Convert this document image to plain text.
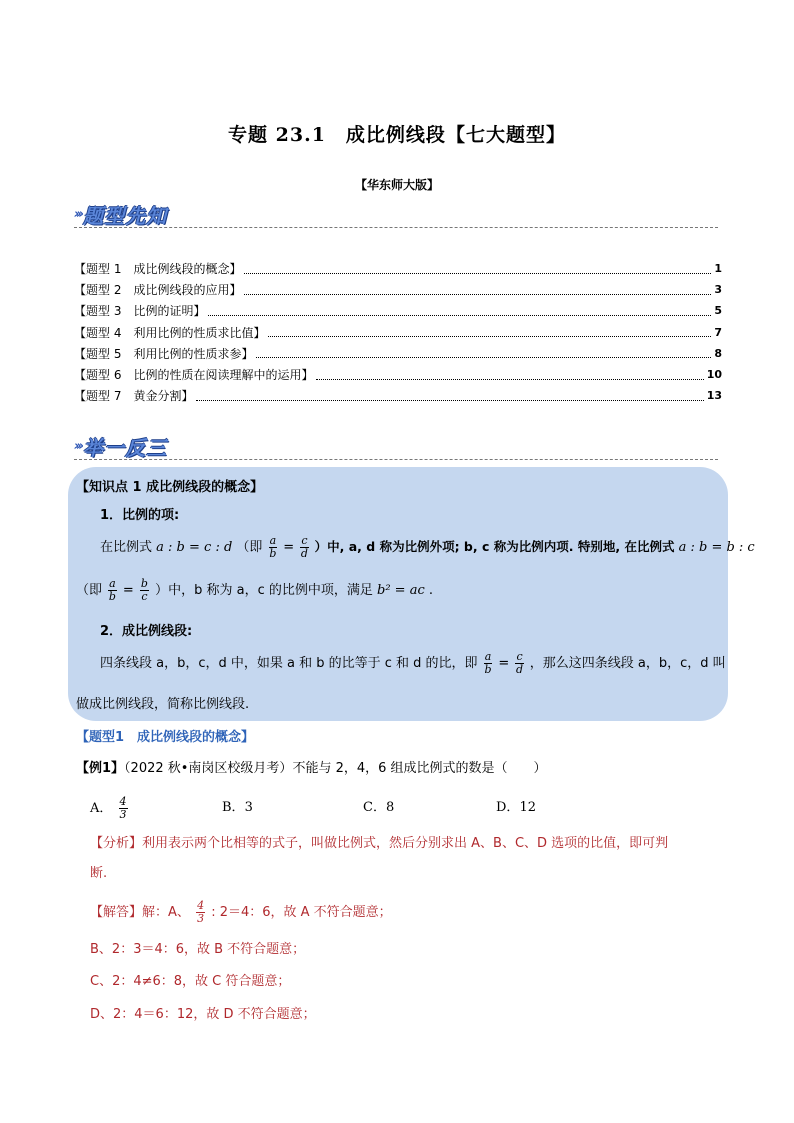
专题 23.1　成比例线段【七大题型】
【华东师大版】
››› 题型先知
【题型 1　成比例线段的概念】	1
【题型 2　成比例线段的应用】	3
【题型 3　比例的证明】	5
【题型 4　利用比例的性质求比值】	7
【题型 5　利用比例的性质求参】	8
【题型 6　比例的性质在阅读理解中的运用】	10
【题型 7　黄金分割】	13
››› 举一反三
【知识点 1 成比例线段的概念】
1．比例的项:
在比例式 a : b = c : d （即 $\frac{a}{b} = \frac{c}{d}$ ）中, a, d 称为比例外项; b, c 称为比例内项. 特别地, 在比例式 a : b = b : c
（即 $\frac{a}{b} = \frac{b}{c}$ ）中，b 称为 a，c 的比例中项，满足 b² = ac .
2．成比例线段:
四条线段 a，b，c，d 中，如果 a 和 b 的比等于 c 和 d 的比，即 $\frac{a}{b} = \frac{c}{d}$ ，那么这四条线段 a，b，c，d 叫
做成比例线段，简称比例线段.
【题型1　成比例线段的概念】
【例1】（2022 秋•南岗区校级月考）不能与 2，4，6 组成比例式的数是（　　）
A． $\frac{4}{3}$	B．3	C．8	D．12
【分析】利用表示两个比相等的式子，叫做比例式，然后分别求出 A、B、C、D 选项的比值，即可判
断.
【解答】解：A、 $\frac{4}{3}$ : 2＝4：6，故 A 不符合题意；
B、2：3＝4：6，故 B 不符合题意；
C、2：4≠6：8，故 C 符合题意；
D、2：4＝6：12，故 D 不符合题意；
